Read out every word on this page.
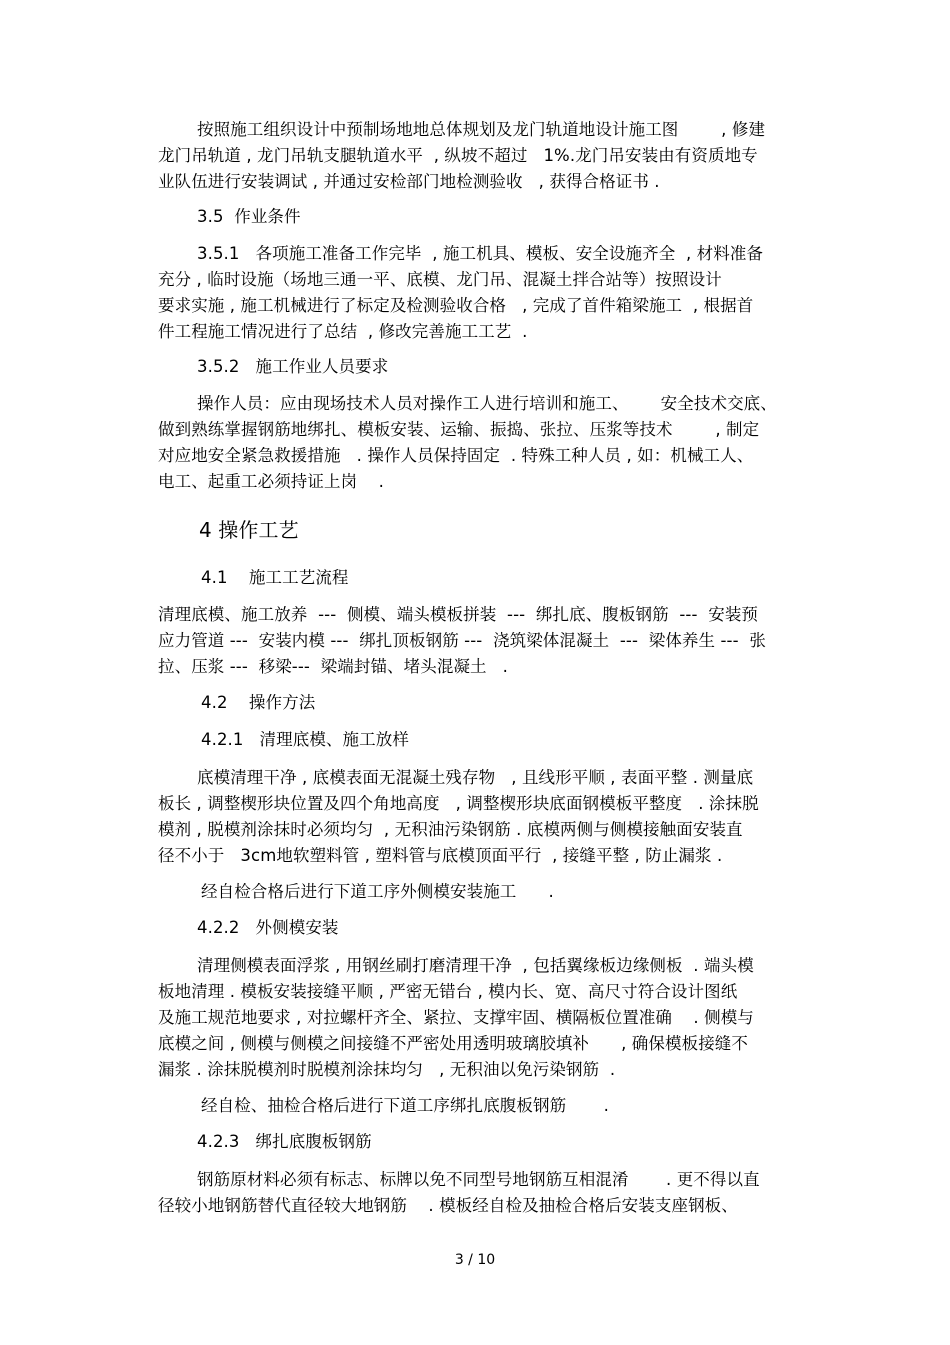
按照施工组织设计中预制场地地总体规划及龙门轨道地设计施工图        , 修建
龙门吊轨道 , 龙门吊轨支腿轨道水平  , 纵坡不超过   1%.龙门吊安装由有资质地专
业队伍进行安装调试 , 并通过安检部门地检测验收   , 获得合格证书 .
3.5  作业条件
3.5.1   各项施工准备工作完毕  , 施工机具、模板、安全设施齐全  , 材料准备
充分 , 临时设施（场地三通一平、底模、龙门吊、混凝土拌合站等）按照设计
要求实施 , 施工机械进行了标定及检测验收合格   , 完成了首件箱梁施工  , 根据首
件工程施工情况进行了总结  , 修改完善施工工艺  .
3.5.2   施工作业人员要求
操作人员：应由现场技术人员对操作工人进行培训和施工、      安全技术交底、
做到熟练掌握钢筋地绑扎、模板安装、运输、振捣、张拉、压浆等技术        , 制定
对应地安全紧急救援措施   . 操作人员保持固定  . 特殊工种人员 , 如：机械工人、
电工、起重工必须持证上岗    .
4 操作工艺
4.1    施工工艺流程
清理底模、施工放养  ---  侧模、端头模板拼装  ---  绑扎底、腹板钢筋  ---  安装预
应力管道 ---  安装内模 ---  绑扎顶板钢筋 ---  浇筑梁体混凝土  ---  梁体养生 ---  张
拉、压浆 ---  移梁---  梁端封锚、堵头混凝土   .
4.2    操作方法
4.2.1   清理底模、施工放样
底模清理干净 , 底模表面无混凝土残存物   , 且线形平顺 , 表面平整 . 测量底
板长 , 调整楔形块位置及四个角地高度   , 调整楔形块底面钢模板平整度   . 涂抹脱
模剂 , 脱模剂涂抹时必须均匀  , 无积油污染钢筋 . 底模两侧与侧模接触面安装直
径不小于   3cm地软塑料管 , 塑料管与底模顶面平行  , 接缝平整 , 防止漏浆 .
经自检合格后进行下道工序外侧模安装施工      .
4.2.2   外侧模安装
清理侧模表面浮浆 , 用钢丝刷打磨清理干净  , 包括翼缘板边缘侧板  . 端头模
板地清理 . 模板安装接缝平顺 , 严密无错台 , 模内长、宽、高尺寸符合设计图纸
及施工规范地要求 , 对拉螺杆齐全、紧拉、支撑牢固、横隔板位置准确    . 侧模与
底模之间 , 侧模与侧模之间接缝不严密处用透明玻璃胶填补      , 确保模板接缝不
漏浆 . 涂抹脱模剂时脱模剂涂抹均匀   , 无积油以免污染钢筋  .
经自检、抽检合格后进行下道工序绑扎底腹板钢筋       .
4.2.3   绑扎底腹板钢筋
钢筋原材料必须有标志、标牌以免不同型号地钢筋互相混淆       . 更不得以直
径较小地钢筋替代直径较大地钢筋    . 模板经自检及抽检合格后安装支座钢板、
3 / 10
